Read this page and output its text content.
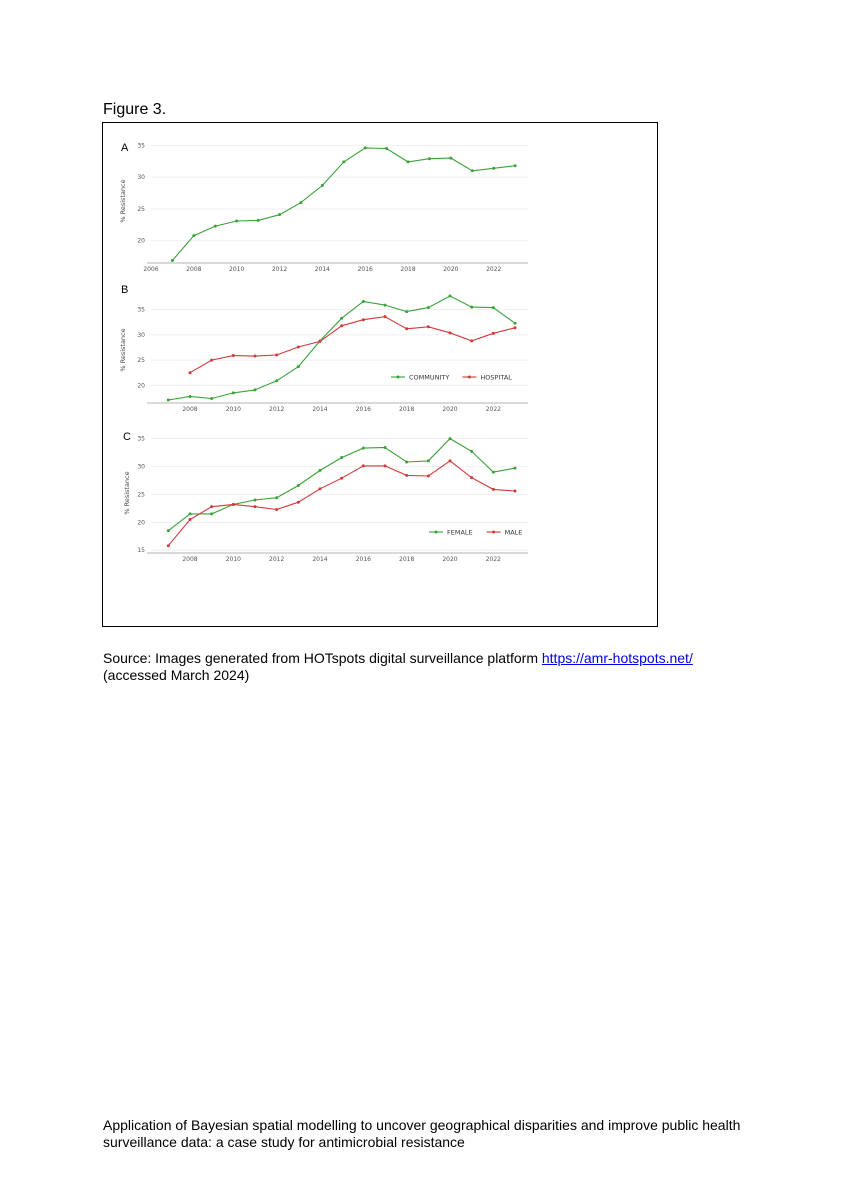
Figure 3.
20
25
30
35
2006	2008	2010	2012	2014	2016	2018	2020	2022
% Resistance
A
20
25
30
35
2008	2010	2012	2014	2016	2018	2020	2022
% Resistance
B
COMMUNITY	HOSPITAL
15
20
25
30
35
2008	2010	2012	2014	2016	2018	2020	2022
% Resistance
C
FEMALE	MALE
Source: Images generated from HOTspots digital surveillance platform https://amr-hotspots.net/
(accessed March 2024)
Application of Bayesian spatial modelling to uncover geographical disparities and improve public health surveillance data: a case study for antimicrobial resistance
